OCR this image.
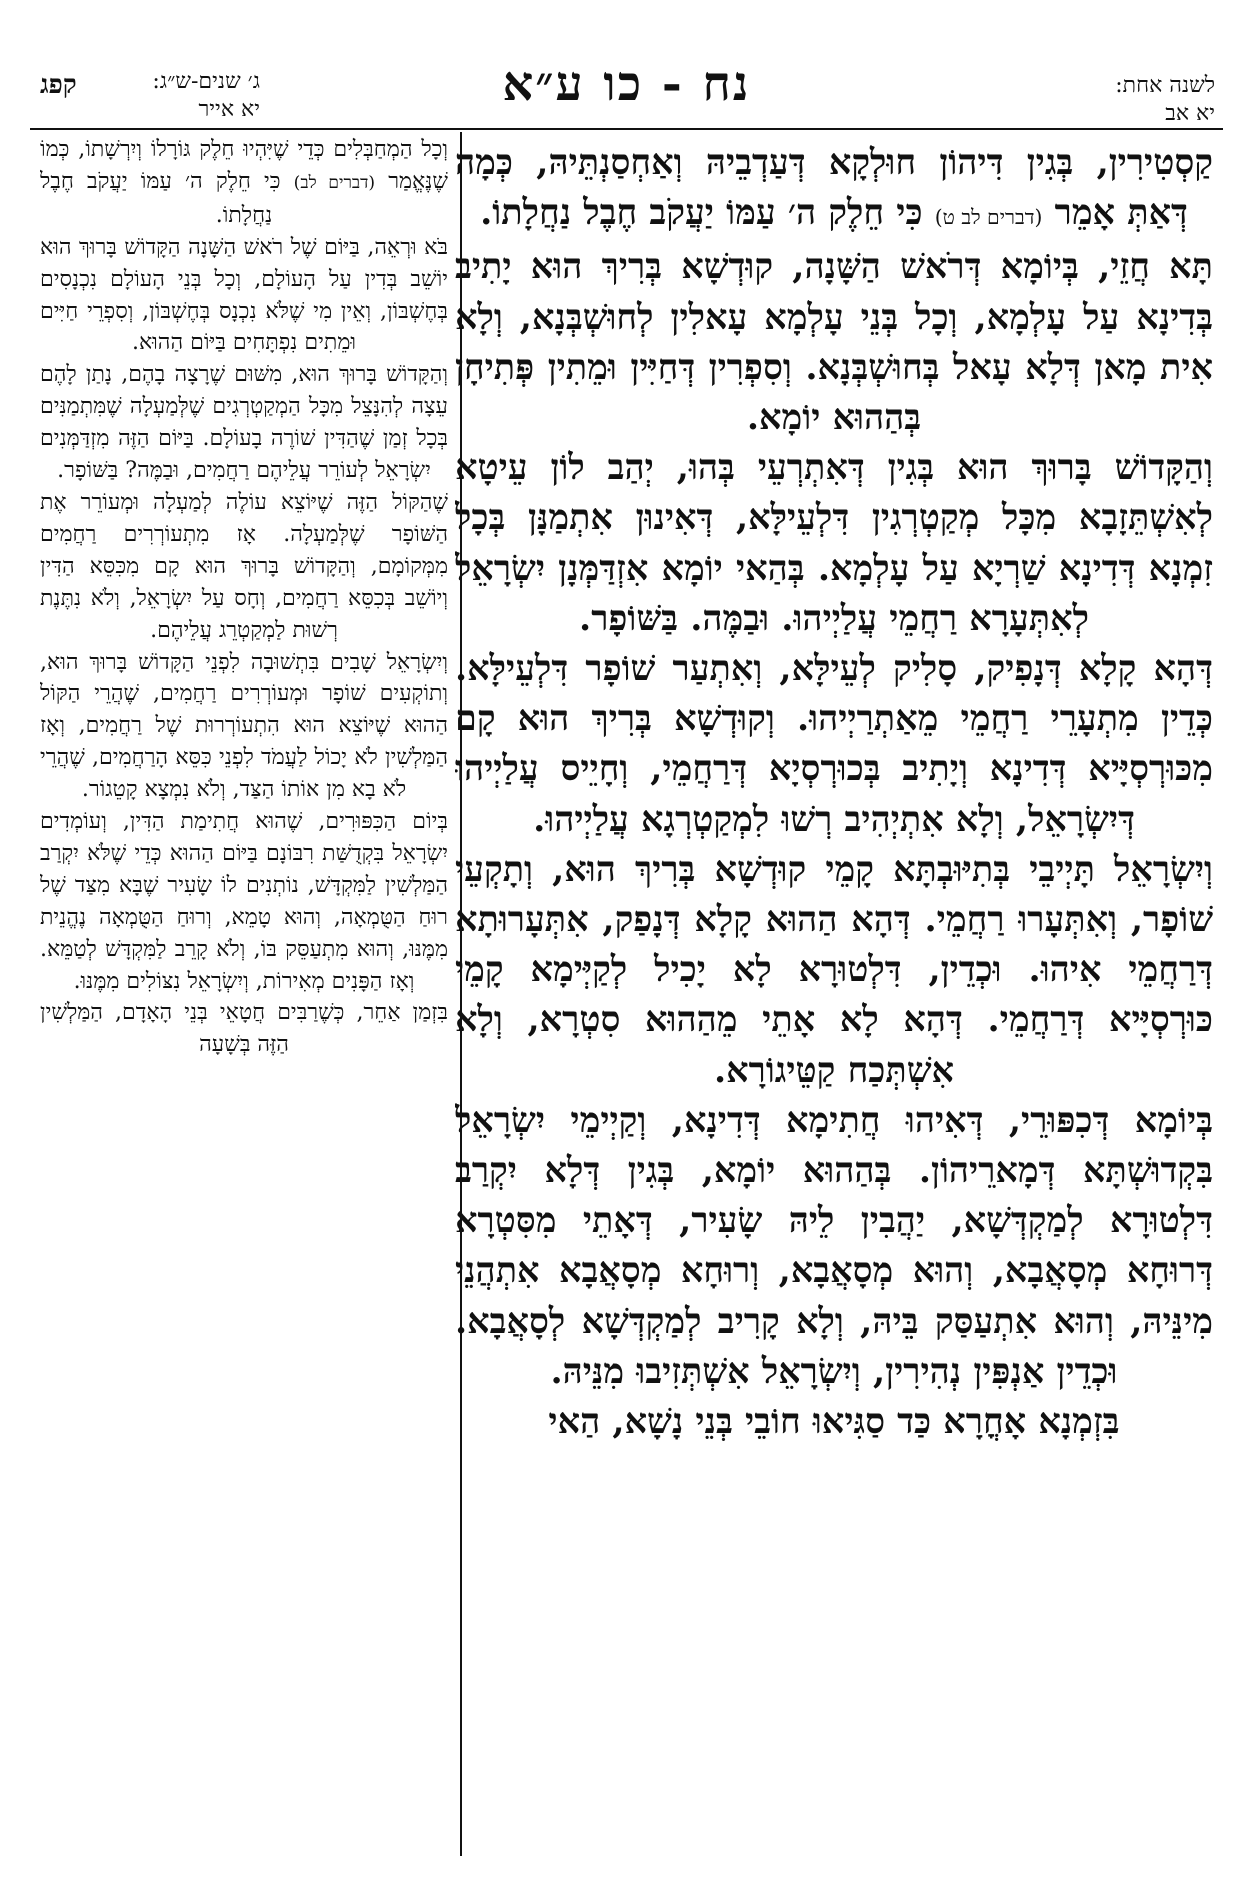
לשנה אחת:
יא אב
נח - כו ע״א
ג׳ שנים-ש״ג:
יא אייר
קפג

קַסְטִירִין, בְּגִין דִּיהוֹן חוּלְקָא דְּעַדְבֵיהּ וְאַחְסַנְתֵּיהּ, כְּמָה דְּאַתְּ אָמֵר (דברים לב ט) כִּי חֵלֶק ה׳ עַמּוֹ יַעֲקֹב חֶבֶל נַחֲלָתוֹ.

תָּא חֲזֵי, בְּיוֹמָא דְּרֹאשׁ הַשָּׁנָה, קוּדְשָׁא בְּרִיךְ הוּא יָתִיב בְּדִינָא עַל עָלְמָא, וְכָל בְּנֵי עָלְמָא עָאלִין לְחוּשְׁבְּנָא, וְלָא אִית מָאן דְּלָא עָאל בְּחוּשְׁבְּנָא. וְסִפְרִין דְּחַיִּין וּמֵתִין פְּתִיחָן בְּהַהוּא יוֹמָא.

וְהַקָּדוֹשׁ בָּרוּךְ הוּא בְּגִין דְּאִתְרְעֵי בְּהוּ, יְהַב לוֹן עֵיטָא לְאִשְׁתֵּזָבָא מִכָּל מְקַטְרְגִין דִּלְעֵילָּא, דְּאִינוּן אִתְמַנָּן בְּכָל זִמְנָא דְּדִינָא שַׁרְיָא עַל עָלְמָא. בְּהַאי יוֹמָא אִזְדַּמְּנָן יִשְׂרָאֵל לְאִתְּעָרָא רַחֲמֵי עֲלַיְיהוּ. וּבַמֶּה. בַּשּׁוֹפָר.

דְּהָא קָלָא דְּנָפִיק, סָלִיק לְעֵילָּא, וְאִתְעַר שׁוֹפָר דִּלְעֵילָּא. כְּדֵין מִתְעָרֵי רַחֲמֵי מֵאַתְרַיְיהוּ. וְקוּדְשָׁא בְּרִיךְ הוּא קָם מִכּוּרְסְיָּיא דְּדִינָא וְיָתִיב בְּכוּרְסְיָא דְּרַחֲמֵי, וְחָיֵיס עֲלַיְיהוּ דְּיִשְׂרָאֵל, וְלָא אִתְיְהִיב רְשׁוּ לִמְקַטְרְגָא עֲלַיְיהוּ.

וְיִשְׂרָאֵל תָּיְיבֵי בְּתִיּוּבְתָּא קָמֵי קוּדְשָׁא בְּרִיךְ הוּא, וְתָקְעֵי שׁוֹפָר, וְאִתְּעָרוּ רַחֲמֵי. דְּהָא הַהוּא קָלָא דְּנָפַק, אִתְּעָרוּתָא דְּרַחֲמֵי אִיהוּ. וּכְדֵין, דִּלְטוּרָא לָא יָכִיל לְקַיְּימָא קָמֵי כּוּרְסְיָּיא דְּרַחֲמֵי. דְּהָא לָא אָתֵי מֵהַהוּא סִטְרָא, וְלָא אִשְׁתְּכַח קַטֵּיגוֹרָא.

בְּיוֹמָא דְּכִפּוּרֵי, דְּאִיהוּ חֲתִימָא דְּדִינָא, וְקַיְימֵי יִשְׂרָאֵל בִּקְדוּשְׁתָּא דְּמָארֵיהוֹן. בְּהַהוּא יוֹמָא, בְּגִין דְּלָא יִקְרַב דִּלְטוּרָא לְמַקְדְּשָׁא, יַהֲבִין לֵיהּ שָׂעִיר, דְּאָתֵי מִסִּטְרָא דְּרוּחָא מְסָאֲבָא, וְהוּא מְסָאֲבָא, וְרוּחָא מְסָאֲבָא אִתְהֲנֵי מִינֵּיהּ, וְהוּא אִתְעַסַּק בֵּיהּ, וְלָא קָרִיב לְמַקְדְּשָׁא לְסָאֲבָא. וּכְדֵין אַנְפִּין נְהִירִין, וְיִשְׂרָאֵל אִשְׁתְּזִיבוּ מִנֵּיהּ.

בִּזְמְנָא אָחֳרָא כַּד סַגִּיאוּ חוֹבֵי בְּנֵי נָשָׁא, הַאי

וְכָל הַמְחַבְּלִים כְּדֵי שֶׁיִּהְיוּ חֵלֶק גּוֹרָלוֹ וְיִרְשָׁתוֹ, כְּמוֹ שֶׁנֶּאֱמַר (דברים לב) כִּי חֵלֶק ה׳ עַמּוֹ יַעֲקֹב חֶבֶל נַחֲלָתוֹ.

בֹּא וּרְאֵה, בַּיּוֹם שֶׁל רֹאשׁ הַשָּׁנָה הַקָּדוֹשׁ בָּרוּךְ הוּא יוֹשֵׁב בְּדִין עַל הָעוֹלָם, וְכָל בְּנֵי הָעוֹלָם נִכְנָסִים בְּחֶשְׁבּוֹן, וְאֵין מִי שֶׁלֹּא נִכְנָס בְּחֶשְׁבּוֹן, וְסִפְרֵי חַיִּים וּמֵתִים נִפְתָּחִים בַּיּוֹם הַהוּא.

וְהַקָּדוֹשׁ בָּרוּךְ הוּא, מִשּׁוּם שֶׁרָצָה בָהֶם, נָתַן לָהֶם עֵצָה לְהִנָּצֵל מִכָּל הַמְקַטְרְגִים שֶׁלְּמַעְלָה שֶׁמִּתְמַנִּים בְּכָל זְמַן שֶׁהַדִּין שׁוֹרֶה בָעוֹלָם. בַּיּוֹם הַזֶּה מִזְדַּמְּנִים יִשְׂרָאֵל לְעוֹרֵר עֲלֵיהֶם רַחֲמִים, וּבַמֶּה? בַּשּׁוֹפָר.

שֶׁהַקּוֹל הַזֶּה שֶׁיּוֹצֵא עוֹלֶה לְמַעְלָה וּמְעוֹרֵר אֶת הַשּׁוֹפָר שֶׁלְּמַעְלָה. אָז מִתְעוֹרְרִים רַחֲמִים מִמְּקוֹמָם, וְהַקָּדוֹשׁ בָּרוּךְ הוּא קָם מִכִּסֵּא הַדִּין וְיוֹשֵׁב בְּכִסֵּא רַחֲמִים, וְחָס עַל יִשְׂרָאֵל, וְלֹא נִתֶּנֶת רְשׁוּת לַמְקַטְרֵג עֲלֵיהֶם.

וְיִשְׂרָאֵל שָׁבִים בִּתְשׁוּבָה לִפְנֵי הַקָּדוֹשׁ בָּרוּךְ הוּא, וְתוֹקְעִים שׁוֹפָר וּמְעוֹרְרִים רַחֲמִים, שֶׁהֲרֵי הַקּוֹל הַהוּא שֶׁיּוֹצֵא הוּא הִתְעוֹרְרוּת שֶׁל רַחֲמִים, וְאָז הַמַּלְשִׁין לֹא יָכוֹל לַעֲמֹד לִפְנֵי כִּסֵּא הָרַחֲמִים, שֶׁהֲרֵי לֹא בָא מִן אוֹתוֹ הַצַּד, וְלֹא נִמְצָא קָטֵגוֹר.

בְּיוֹם הַכִּפּוּרִים, שֶׁהוּא חֲתִימַת הַדִּין, וְעוֹמְדִים יִשְׂרָאֵל בִּקְדֻשַּׁת רִבּוֹנָם בַּיּוֹם הַהוּא כְּדֵי שֶׁלֹּא יִקְרַב הַמַּלְשִׁין לַמִּקְדָּשׁ, נוֹתְנִים לוֹ שָׂעִיר שֶׁבָּא מִצַּד שֶׁל רוּחַ הַטֻּמְאָה, וְהוּא טָמֵא, וְרוּחַ הַטֻּמְאָה נֶהֱנֵית מִמֶּנּוּ, וְהוּא מִתְעַסֵּק בּוֹ, וְלֹא קָרֵב לַמִּקְדָּשׁ לְטַמֵּא. וְאָז הַפָּנִים מְאִירוֹת, וְיִשְׂרָאֵל נִצּוֹלִים מִמֶּנּוּ.

בִּזְמַן אַחֵר, כְּשֶׁרַבִּים חֲטָאֵי בְּנֵי הָאָדָם, הַמַּלְשִׁין הַזֶּה בְּשָׁעָה
